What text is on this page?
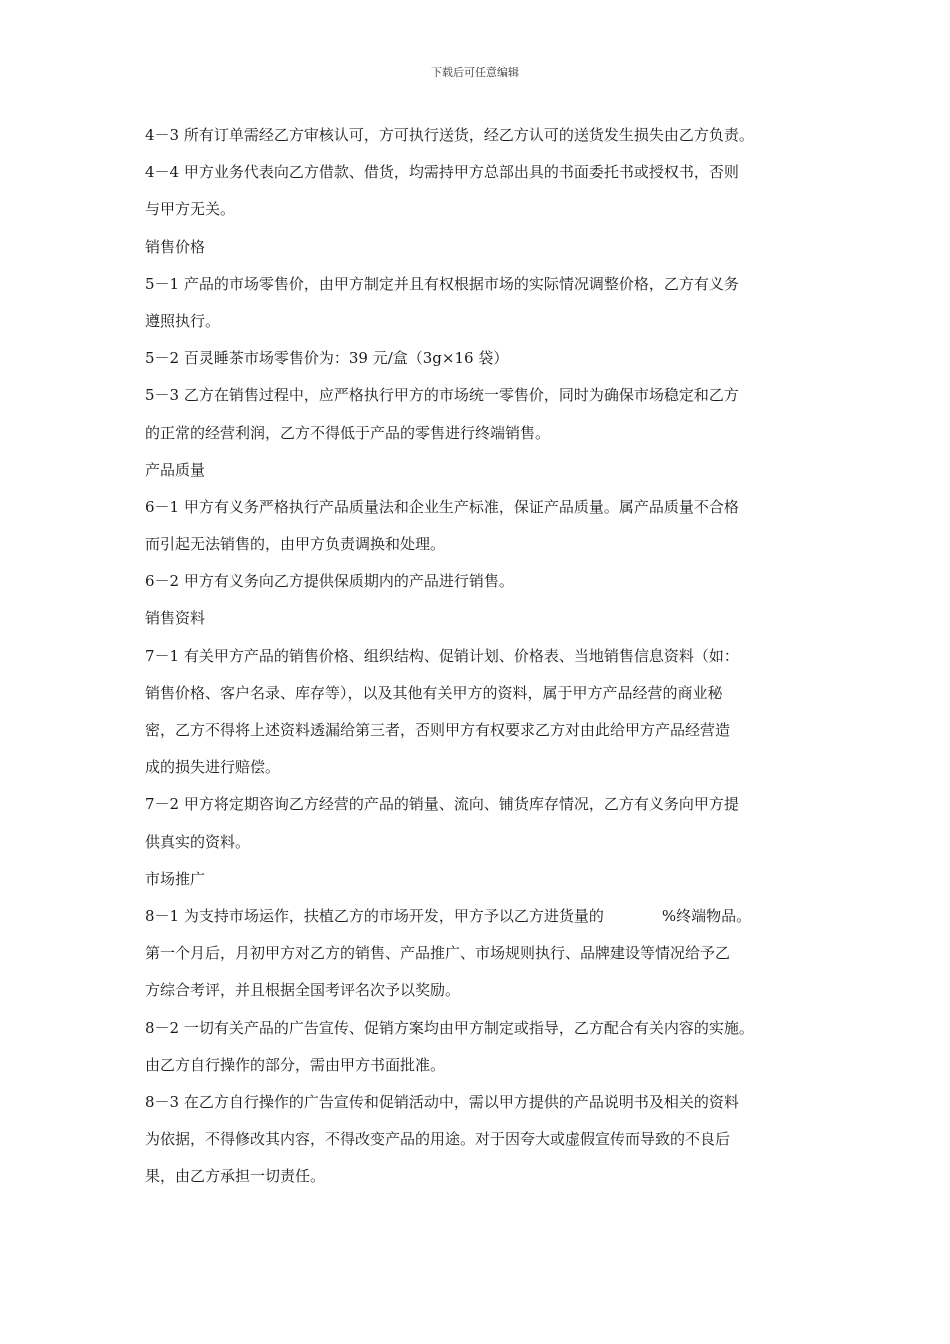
下载后可任意编辑
4－3 所有订单需经乙方审核认可，方可执行送货，经乙方认可的送货发生损失由乙方负责。
4－4 甲方业务代表向乙方借款、借货，均需持甲方总部出具的书面委托书或授权书，否则
与甲方无关。
销售价格
5－1 产品的市场零售价，由甲方制定并且有权根据市场的实际情况调整价格，乙方有义务
遵照执行。
5－2 百灵睡茶市场零售价为：39 元/盒（3g×16 袋）
5－3 乙方在销售过程中，应严格执行甲方的市场统一零售价，同时为确保市场稳定和乙方
的正常的经营利润，乙方不得低于产品的零售进行终端销售。
产品质量
6－1 甲方有义务严格执行产品质量法和企业生产标准，保证产品质量。属产品质量不合格
而引起无法销售的，由甲方负责调换和处理。
6－2 甲方有义务向乙方提供保质期内的产品进行销售。
销售资料
7－1 有关甲方产品的销售价格、组织结构、促销计划、价格表、当地销售信息资料（如：
销售价格、客户名录、库存等），以及其他有关甲方的资料，属于甲方产品经营的商业秘
密，乙方不得将上述资料透漏给第三者，否则甲方有权要求乙方对由此给甲方产品经营造
成的损失进行赔偿。
7－2 甲方将定期咨询乙方经营的产品的销量、流向、铺货库存情况，乙方有义务向甲方提
供真实的资料。
市场推广
8－1 为支持市场运作，扶植乙方的市场开发，甲方予以乙方进货量的	%终端物品。
第一个月后，月初甲方对乙方的销售、产品推广、市场规则执行、品牌建设等情况给予乙
方综合考评，并且根据全国考评名次予以奖励。
8－2 一切有关产品的广告宣传、促销方案均由甲方制定或指导，乙方配合有关内容的实施。
由乙方自行操作的部分，需由甲方书面批准。
8－3 在乙方自行操作的广告宣传和促销活动中，需以甲方提供的产品说明书及相关的资料
为依据，不得修改其内容，不得改变产品的用途。对于因夸大或虚假宣传而导致的不良后
果，由乙方承担一切责任。
